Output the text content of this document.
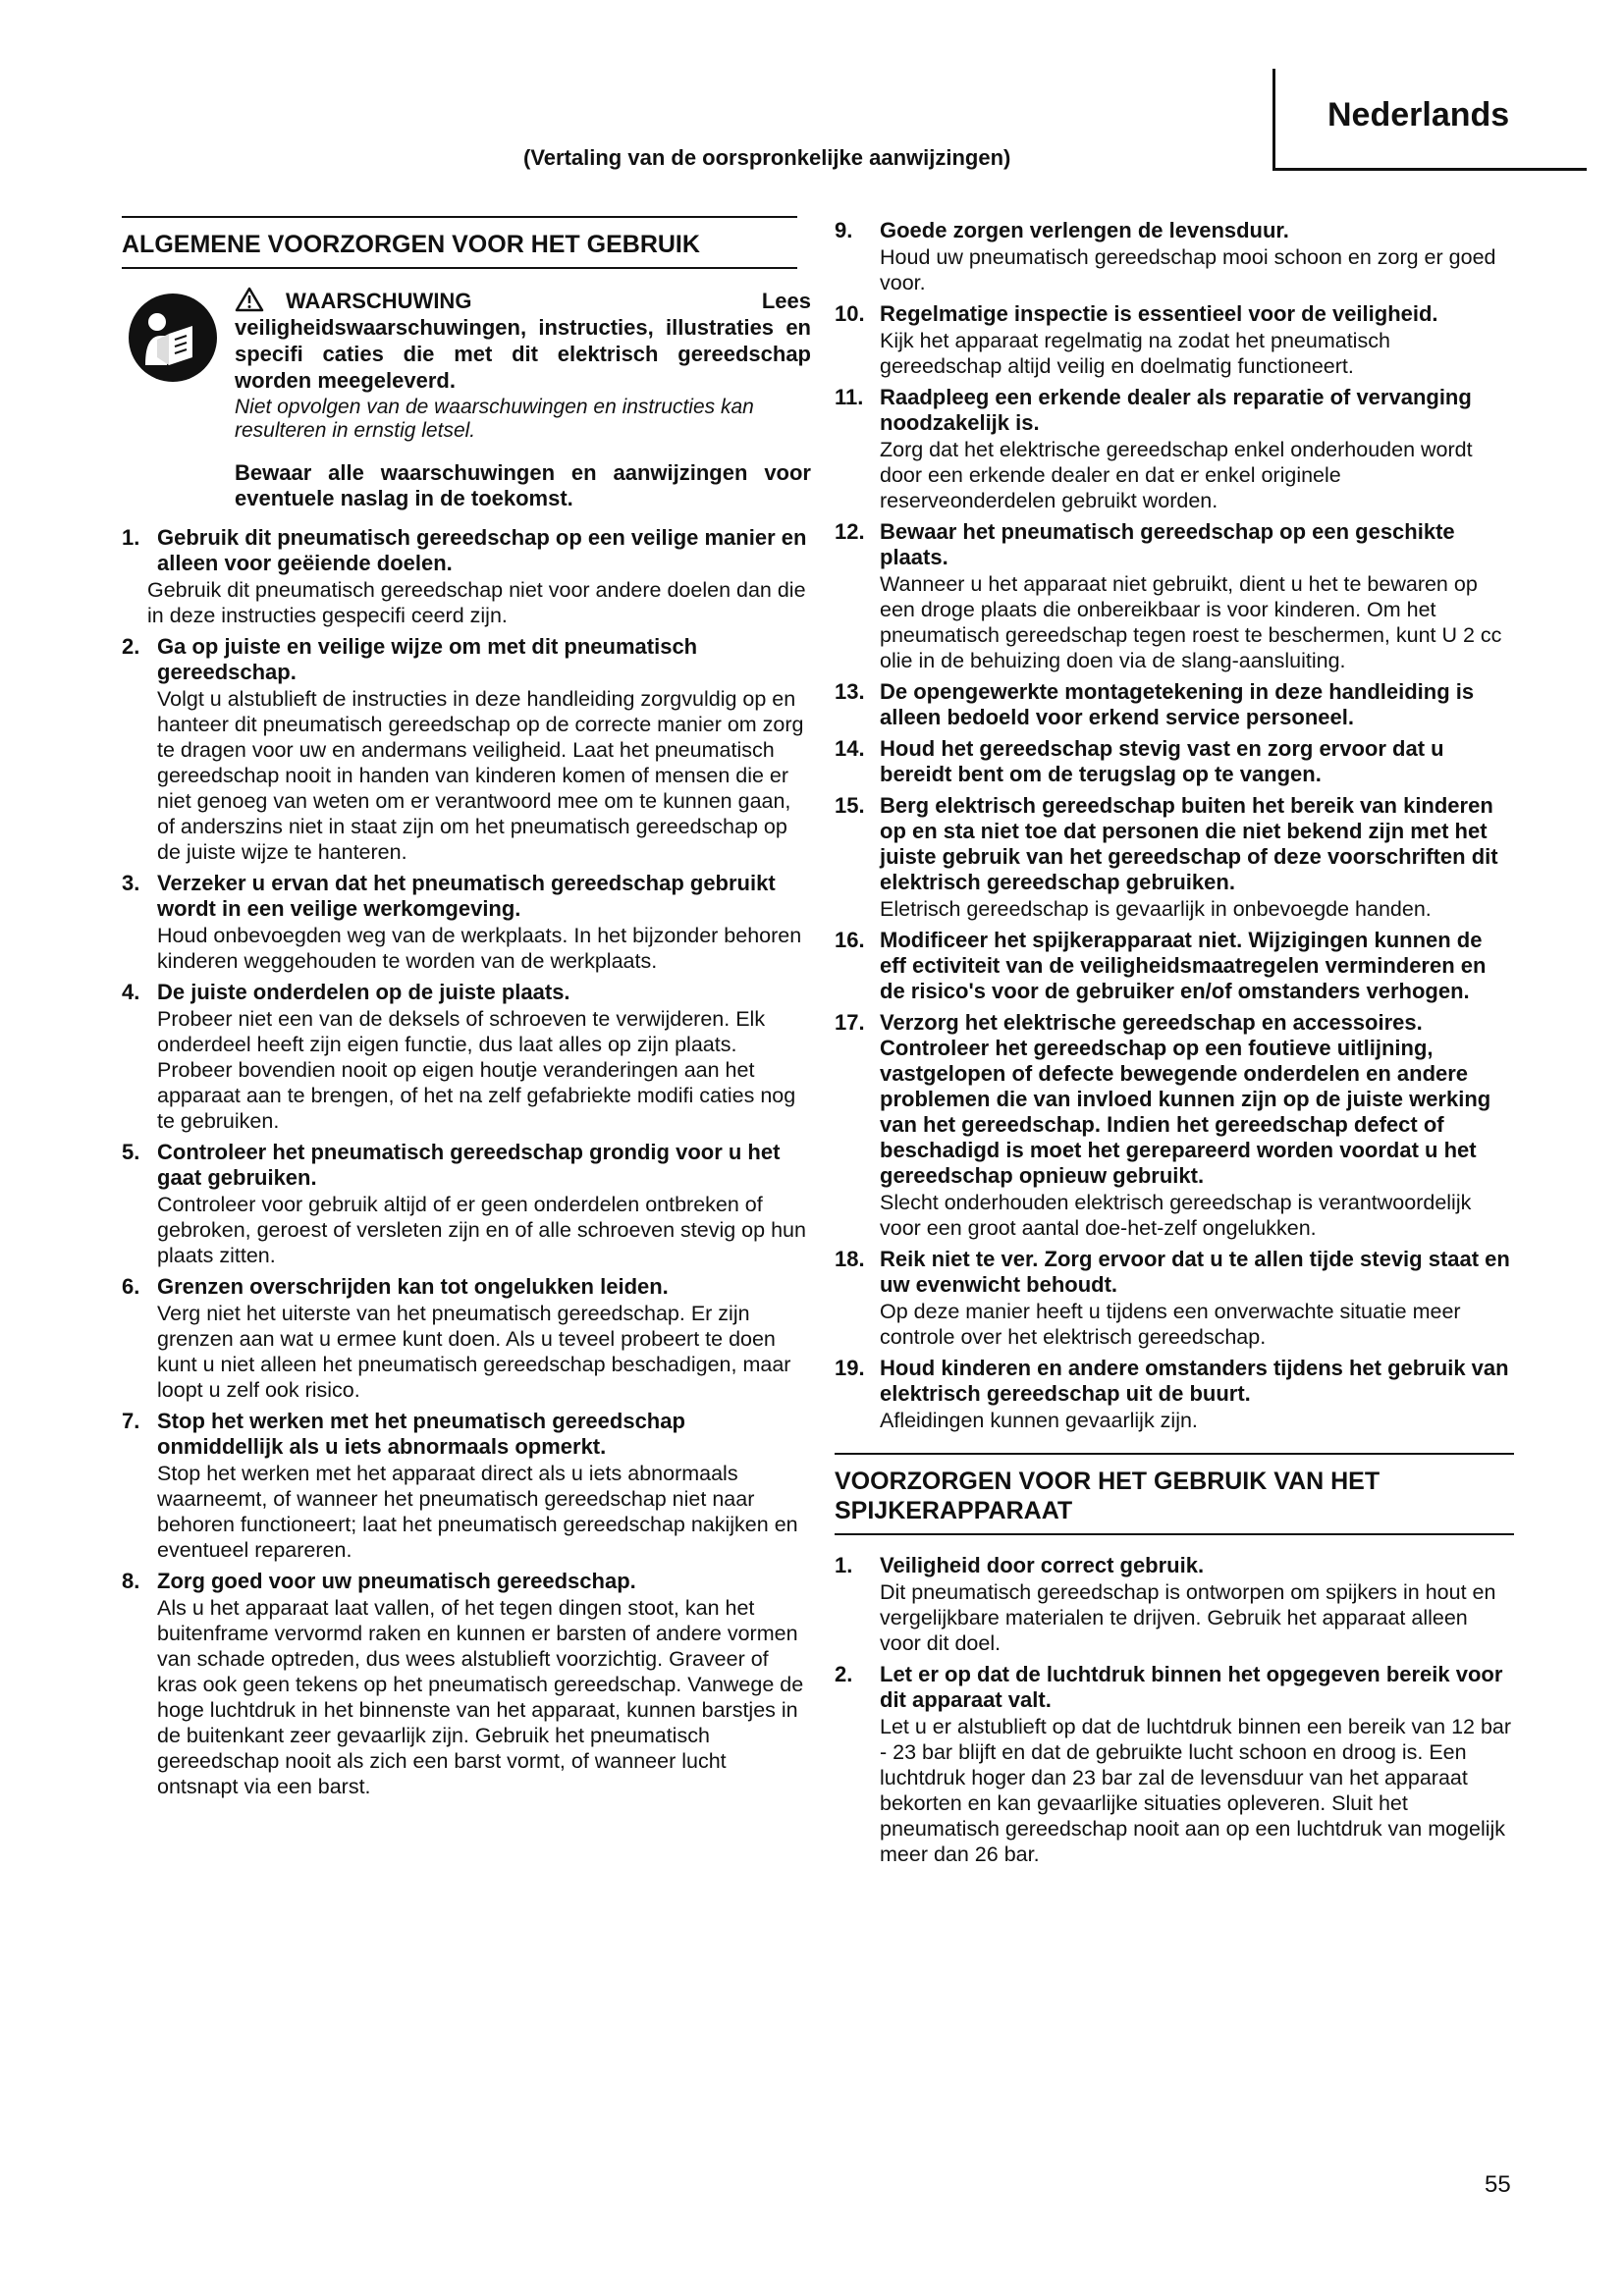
Nederlands
(Vertaling van de oorspronkelijke aanwijzingen)
ALGEMENE VOORZORGEN VOOR HET GEBRUIK
WAARSCHUWING Lees veiligheidswaarschuwingen, instructies, illustraties en specifi caties die met dit elektrisch gereedschap worden meegeleverd.
Niet opvolgen van de waarschuwingen en instructies kan resulteren in ernstig letsel.
Bewaar alle waarschuwingen en aanwijzingen voor eventuele naslag in de toekomst.
1. Gebruik dit pneumatisch gereedschap op een veilige manier en alleen voor geëiende doelen.
Gebruik dit pneumatisch gereedschap niet voor andere doelen dan die in deze instructies gespecifi ceerd zijn.
2. Ga op juiste en veilige wijze om met dit pneumatisch gereedschap.
Volgt u alstublieft de instructies in deze handleiding zorgvuldig op en hanteer dit pneumatisch gereedschap op de correcte manier om zorg te dragen voor uw en andermans veiligheid. Laat het pneumatisch gereedschap nooit in handen van kinderen komen of mensen die er niet genoeg van weten om er verantwoord mee om te kunnen gaan, of anderszins niet in staat zijn om het pneumatisch gereedschap op de juiste wijze te hanteren.
3. Verzeker u ervan dat het pneumatisch gereedschap gebruikt wordt in een veilige werkomgeving.
Houd onbevoegden weg van de werkplaats. In het bijzonder behoren kinderen weggehouden te worden van de werkplaats.
4. De juiste onderdelen op de juiste plaats.
Probeer niet een van de deksels of schroeven te verwijderen. Elk onderdeel heeft zijn eigen functie, dus laat alles op zijn plaats. Probeer bovendien nooit op eigen houtje veranderingen aan het apparaat aan te brengen, of het na zelf gefabriekte modifi caties nog te gebruiken.
5. Controleer het pneumatisch gereedschap grondig voor u het gaat gebruiken.
Controleer voor gebruik altijd of er geen onderdelen ontbreken of gebroken, geroest of versleten zijn en of alle schroeven stevig op hun plaats zitten.
6. Grenzen overschrijden kan tot ongelukken leiden.
Verg niet het uiterste van het pneumatisch gereedschap. Er zijn grenzen aan wat u ermee kunt doen. Als u teveel probeert te doen kunt u niet alleen het pneumatisch gereedschap beschadigen, maar loopt u zelf ook risico.
7. Stop het werken met het pneumatisch gereedschap onmiddellijk als u iets abnormaals opmerkt.
Stop het werken met het apparaat direct als u iets abnormaals waarneemt, of wanneer het pneumatisch gereedschap niet naar behoren functioneert; laat het pneumatisch gereedschap nakijken en eventueel repareren.
8. Zorg goed voor uw pneumatisch gereedschap.
Als u het apparaat laat vallen, of het tegen dingen stoot, kan het buitenframe vervormd raken en kunnen er barsten of andere vormen van schade optreden, dus wees alstublieft voorzichtig. Graveer of kras ook geen tekens op het pneumatisch gereedschap. Vanwege de hoge luchtdruk in het binnenste van het apparaat, kunnen barstjes in de buitenkant zeer gevaarlijk zijn. Gebruik het pneumatisch gereedschap nooit als zich een barst vormt, of wanneer lucht ontsnapt via een barst.
9. Goede zorgen verlengen de levensduur.
Houd uw pneumatisch gereedschap mooi schoon en zorg er goed voor.
10. Regelmatige inspectie is essentieel voor de veiligheid.
Kijk het apparaat regelmatig na zodat het pneumatisch gereedschap altijd veilig en doelmatig functioneert.
11. Raadpleeg een erkende dealer als reparatie of vervanging noodzakelijk is.
Zorg dat het elektrische gereedschap enkel onderhouden wordt door een erkende dealer en dat er enkel originele reserveonderdelen gebruikt worden.
12. Bewaar het pneumatisch gereedschap op een geschikte plaats.
Wanneer u het apparaat niet gebruikt, dient u het te bewaren op een droge plaats die onbereikbaar is voor kinderen. Om het pneumatisch gereedschap tegen roest te beschermen, kunt U 2 cc olie in de behuizing doen via de slang-aansluiting.
13. De opengewerkte montagetekening in deze handleiding is alleen bedoeld voor erkend service personeel.
14. Houd het gereedschap stevig vast en zorg ervoor dat u bereidt bent om de terugslag op te vangen.
15. Berg elektrisch gereedschap buiten het bereik van kinderen op en sta niet toe dat personen die niet bekend zijn met het juiste gebruik van het gereedschap of deze voorschriften dit elektrisch gereedschap gebruiken.
Eletrisch gereedschap is gevaarlijk in onbevoegde handen.
16. Modificeer het spijkerapparaat niet. Wijzigingen kunnen de eff ectiviteit van de veiligheidsmaatregelen verminderen en de risico's voor de gebruiker en/of omstanders verhogen.
17. Verzorg het elektrische gereedschap en accessoires. Controleer het gereedschap op een foutieve uitlijning, vastgelopen of defecte bewegende onderdelen en andere problemen die van invloed kunnen zijn op de juiste werking van het gereedschap. Indien het gereedschap defect of beschadigd is moet het gerepareerd worden voordat u het gereedschap opnieuw gebruikt.
Slecht onderhouden elektrisch gereedschap is verantwoordelijk voor een groot aantal doe-het-zelf ongelukken.
18. Reik niet te ver. Zorg ervoor dat u te allen tijde stevig staat en uw evenwicht behoudt.
Op deze manier heeft u tijdens een onverwachte situatie meer controle over het elektrisch gereedschap.
19. Houd kinderen en andere omstanders tijdens het gebruik van elektrisch gereedschap uit de buurt.
Afleidingen kunnen gevaarlijk zijn.
VOORZORGEN VOOR HET GEBRUIK VAN HET SPIJKERAPPARAAT
1. Veiligheid door correct gebruik.
Dit pneumatisch gereedschap is ontworpen om spijkers in hout en vergelijkbare materialen te drijven. Gebruik het apparaat alleen voor dit doel.
2. Let er op dat de luchtdruk binnen het opgegeven bereik voor dit apparaat valt.
Let u er alstublieft op dat de luchtdruk binnen een bereik van 12 bar - 23 bar blijft en dat de gebruikte lucht schoon en droog is. Een luchtdruk hoger dan 23 bar zal de levensduur van het apparaat bekorten en kan gevaarlijke situaties opleveren. Sluit het pneumatisch gereedschap nooit aan op een luchtdruk van mogelijk meer dan 26 bar.
55
